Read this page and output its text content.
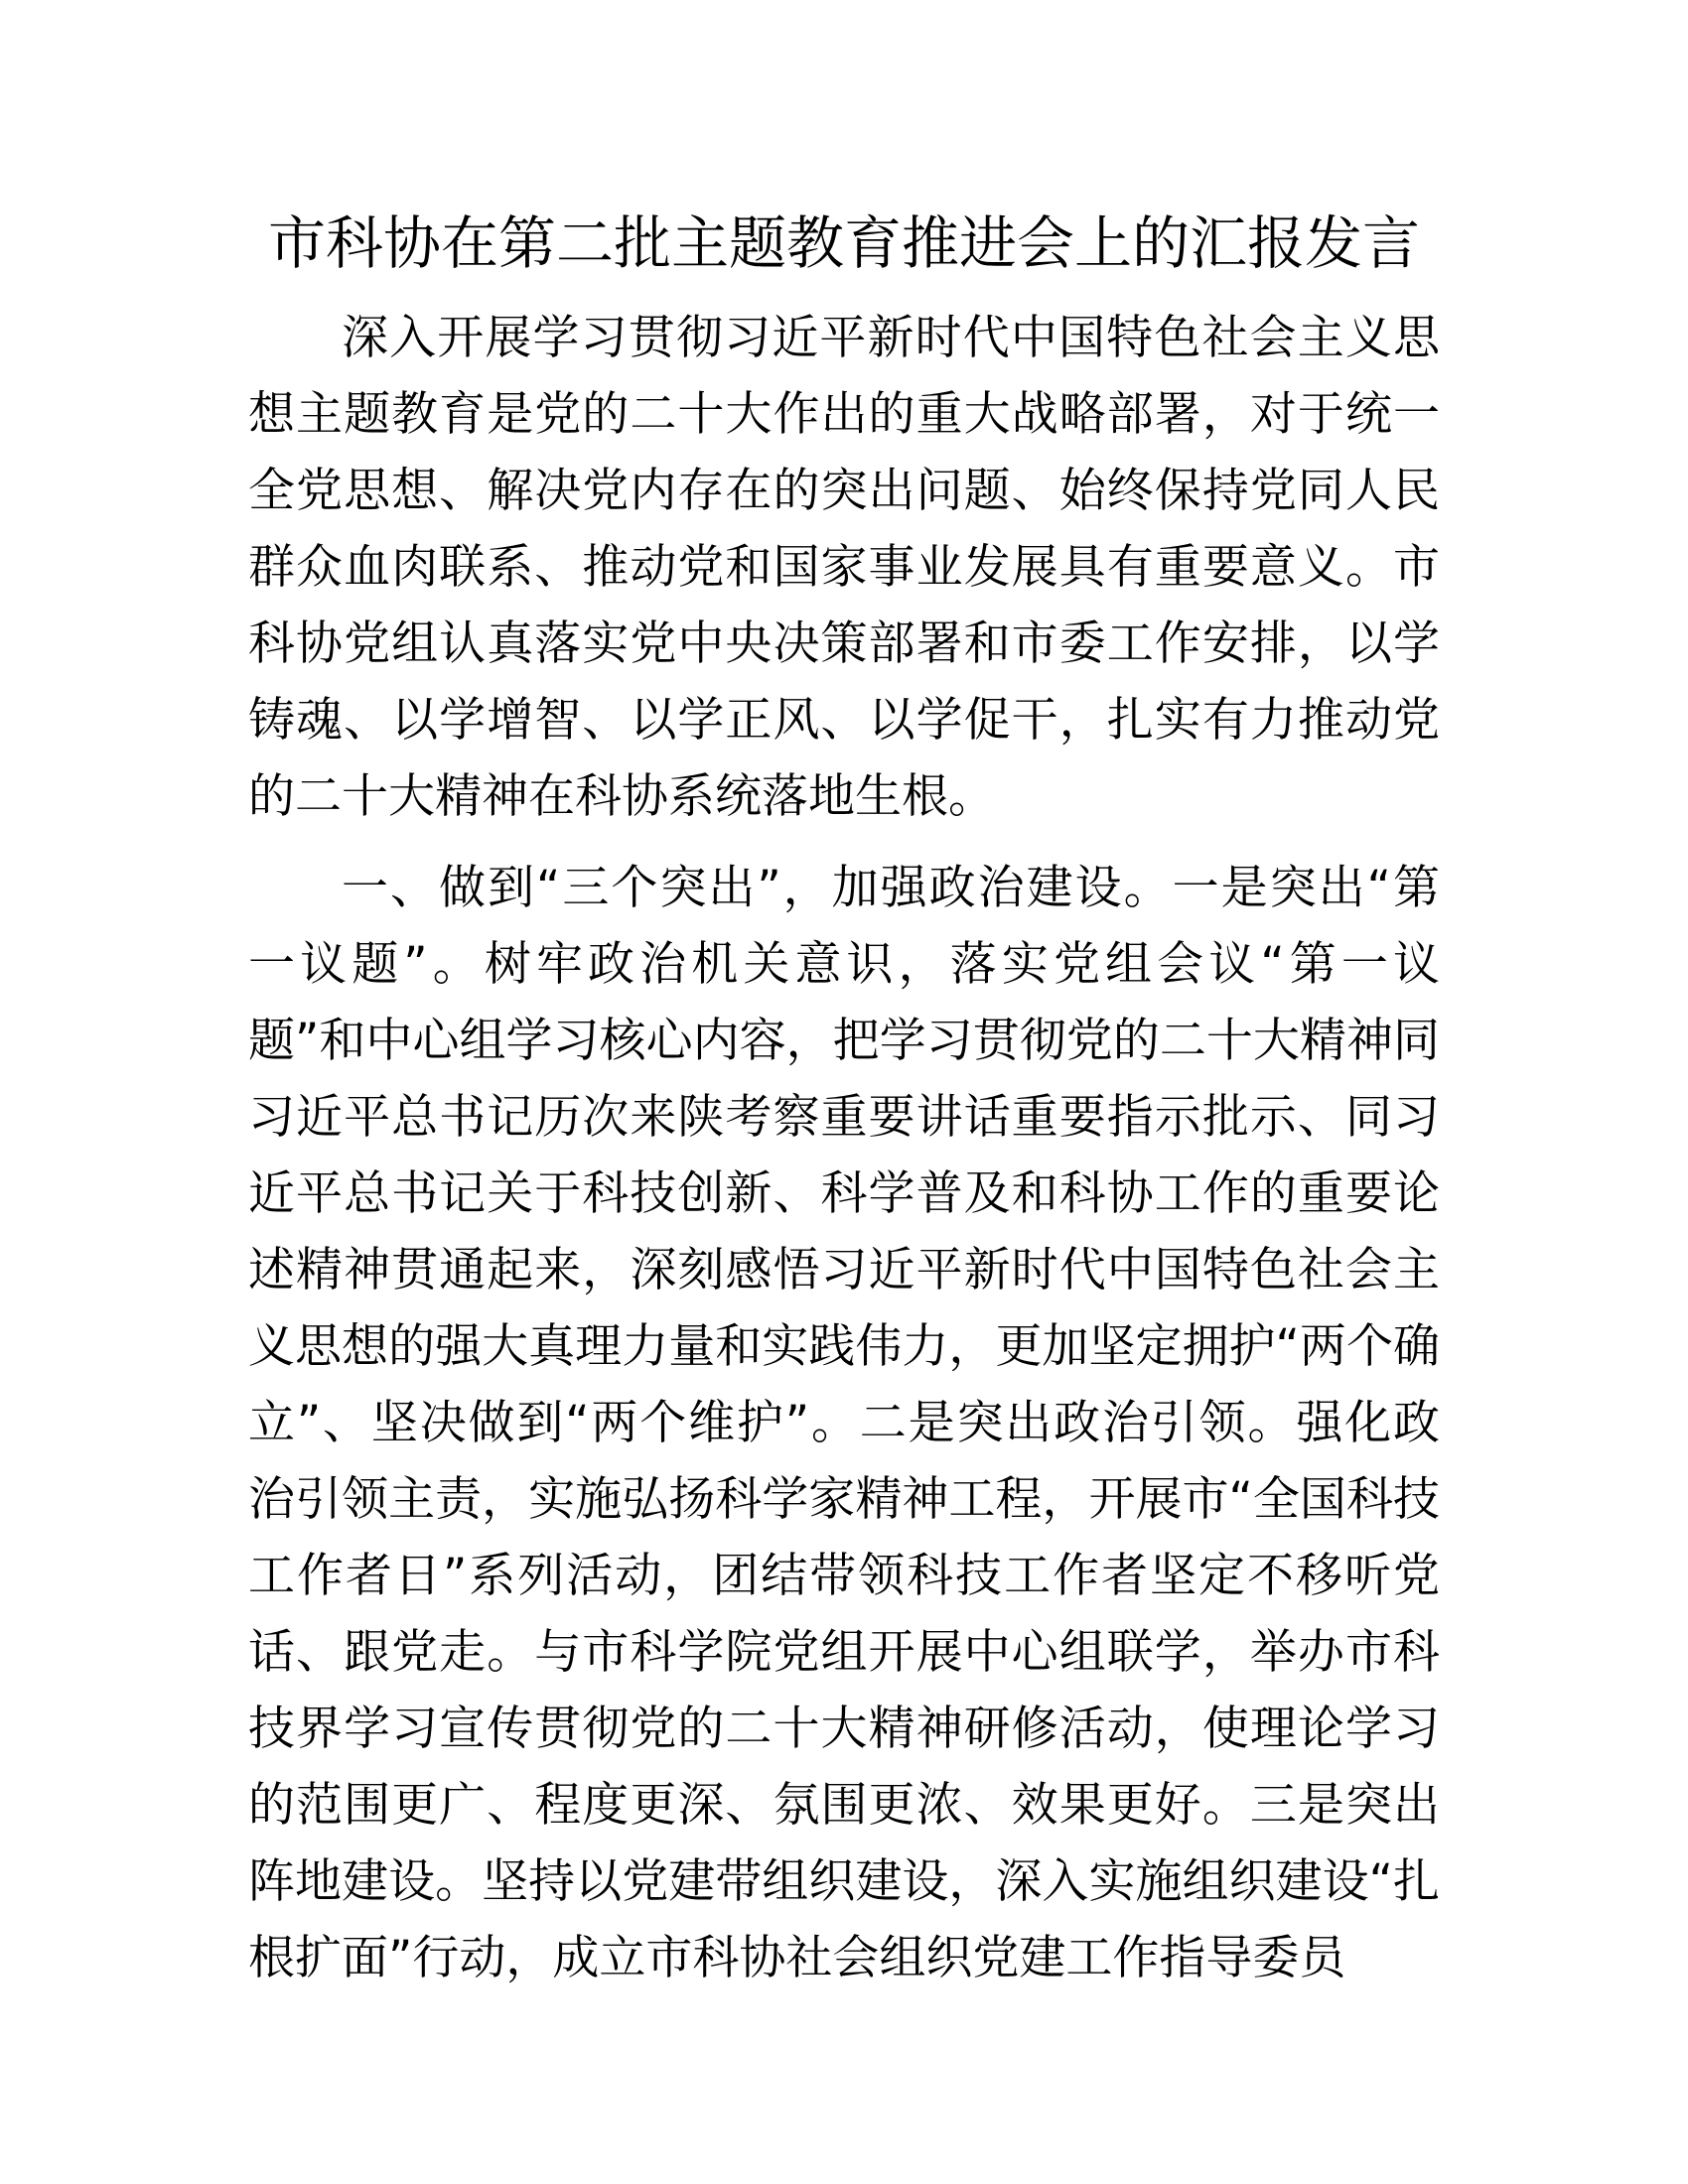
市科协在第二批主题教育推进会上的汇报发言

深入开展学习贯彻习近平新时代中国特色社会主义思想主题教育是党的二十大作出的重大战略部署，对于统一全党思想、解决党内存在的突出问题、始终保持党同人民群众血肉联系、推动党和国家事业发展具有重要意义。市科协党组认真落实党中央决策部署和市委工作安排，以学铸魂、以学增智、以学正风、以学促干，扎实有力推动党的二十大精神在科协系统落地生根。

一、做到“三个突出”，加强政治建设。一是突出“第一议题”。树牢政治机关意识，落实党组会议“第一议题”和中心组学习核心内容，把学习贯彻党的二十大精神同习近平总书记历次来陕考察重要讲话重要指示批示、同习近平总书记关于科技创新、科学普及和科协工作的重要论述精神贯通起来，深刻感悟习近平新时代中国特色社会主义思想的强大真理力量和实践伟力，更加坚定拥护“两个确立”、坚决做到“两个维护”。二是突出政治引领。强化政治引领主责，实施弘扬科学家精神工程，开展市“全国科技工作者日”系列活动，团结带领科技工作者坚定不移听党话、跟党走。与市科学院党组开展中心组联学，举办市科技界学习宣传贯彻党的二十大精神研修活动，使理论学习的范围更广、程度更深、氛围更浓、效果更好。三是突出阵地建设。坚持以党建带组织建设，深入实施组织建设“扎根扩面”行动，成立市科协社会组织党建工作指导委员
